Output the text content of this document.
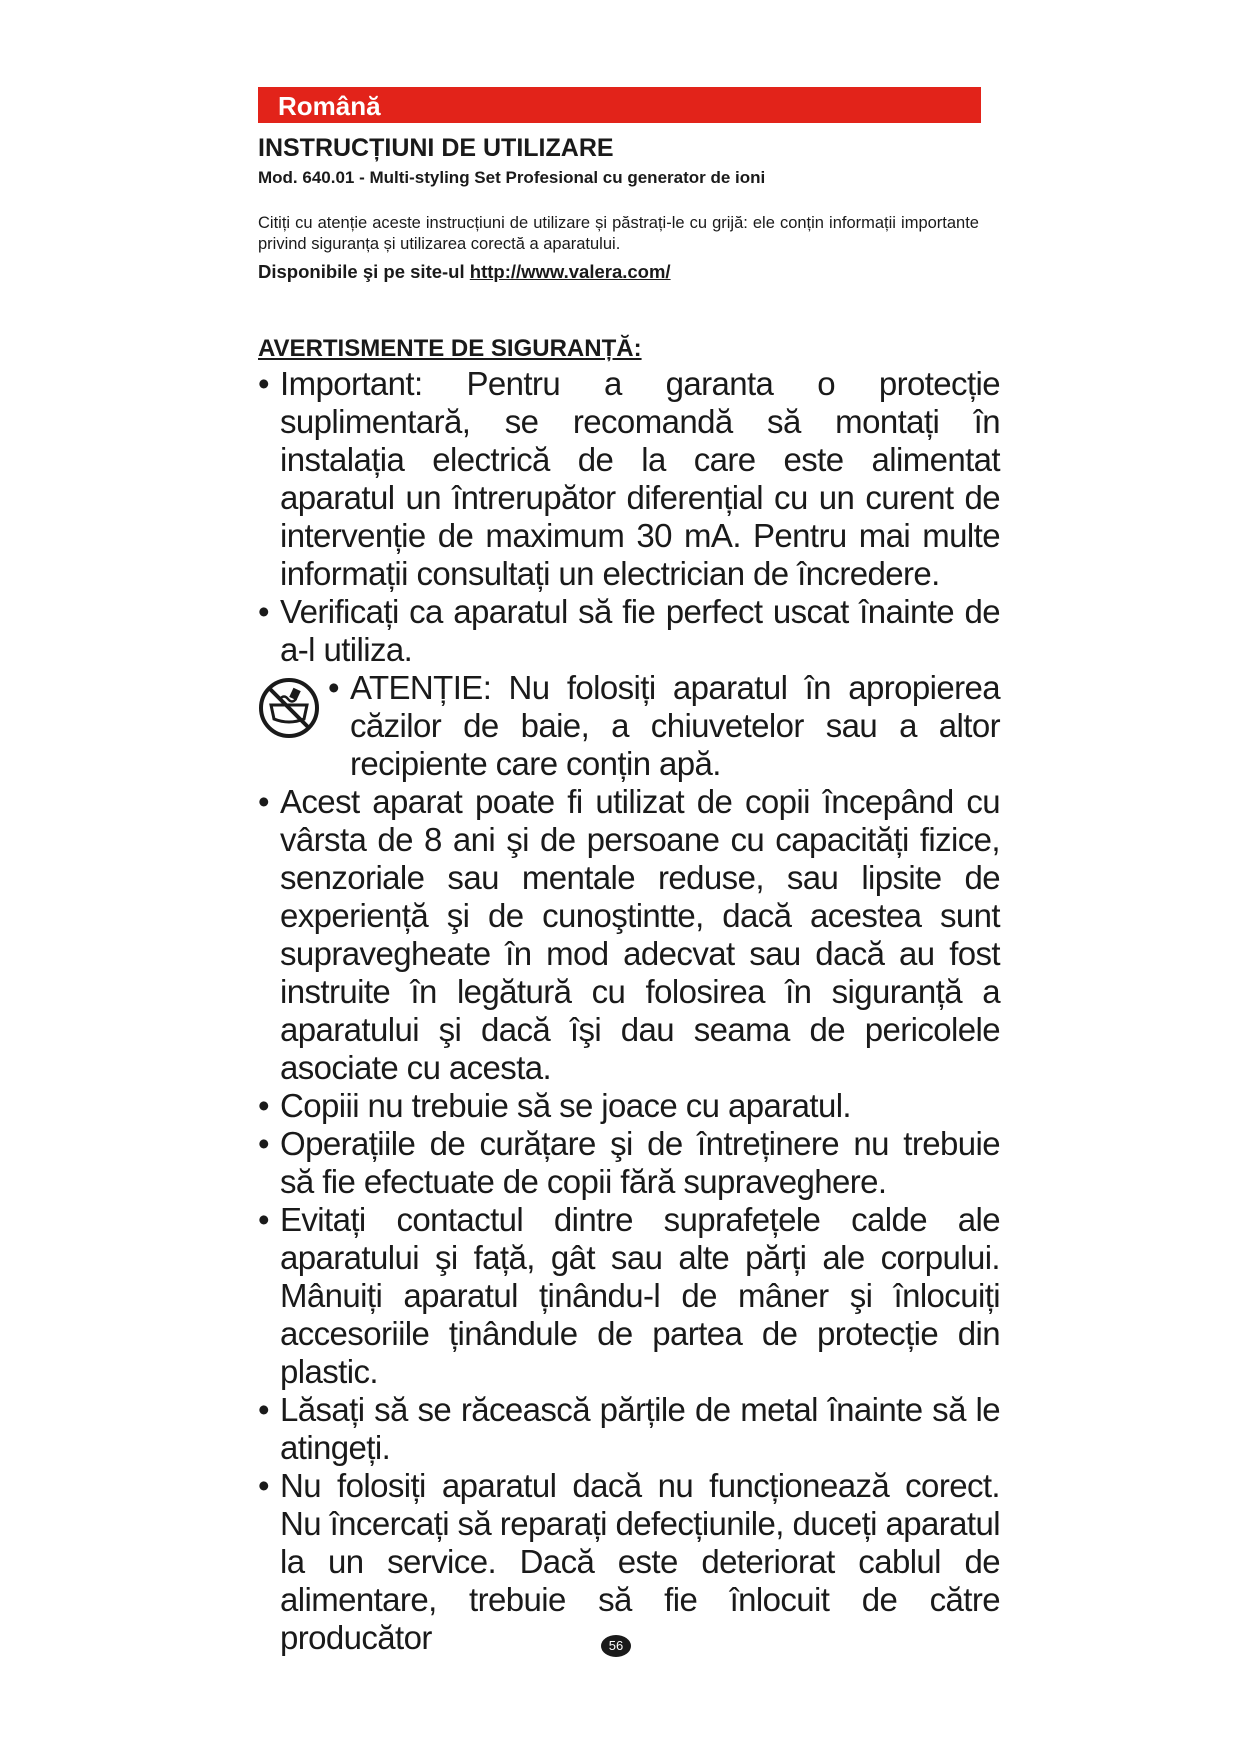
Română
INSTRUCȚIUNI DE UTILIZARE
Mod. 640.01 - Multi-styling Set Profesional cu generator de ioni
Citiți cu atenție aceste instrucțiuni de utilizare și păstrați-le cu grijă: ele conțin informații importante privind siguranța și utilizarea corectă a aparatului.
Disponibile şi pe site-ul http://www.valera.com/
AVERTISMENTE DE SIGURANȚĂ:
• Important: Pentru a garanta o protecție suplimentară, se recomandă să montați în instalația electrică de la care este alimentat aparatul un întrerupător diferențial cu un curent de intervenție de maximum 30 mA. Pentru mai multe informații consultați un electrician de încredere.
• Verificați ca aparatul să fie perfect uscat înainte de a-l utiliza.
• ATENȚIE: Nu folosiți aparatul în apropierea căzilor de baie, a chiuvetelor sau a altor recipiente care conțin apă.
• Acest aparat poate fi utilizat de copii începând cu vârsta de 8 ani şi de persoane cu capacități fizice, senzoriale sau mentale reduse, sau lipsite de experiență şi de cunoştintte, dacă acestea sunt supravegheate în mod adecvat sau dacă au fost instruite în legătură cu folosirea în siguranță a aparatului şi dacă îşi dau seama de pericolele asociate cu acesta.
• Copiii nu trebuie să se joace cu aparatul.
• Operațiile de curățare şi de întreținere nu trebuie să fie efectuate de copii fără supraveghere.
• Evitați contactul dintre suprafețele calde ale aparatului şi față, gât sau alte părți ale corpului. Mânuiți aparatul ținându-l de mâner şi înlocuiți accesoriile ținândule de partea de protecție din plastic.
• Lăsați să se răcească părțile de metal înainte să le atingeți.
• Nu folosiți aparatul dacă nu funcționează corect. Nu încercați să reparați defecțiunile, duceți aparatul la un service. Dacă este deteriorat cablul de alimentare, trebuie să fie înlocuit de către producător	56
